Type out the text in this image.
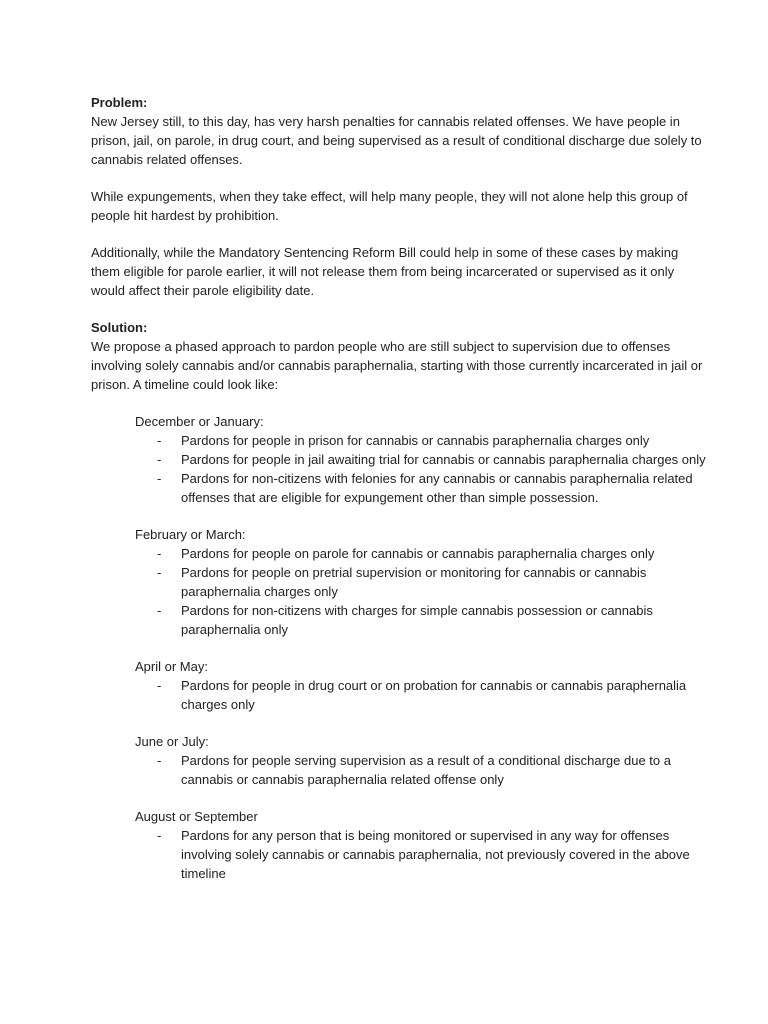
Problem:

New Jersey still, to this day, has very harsh penalties for cannabis related offenses. We have people in prison, jail, on parole, in drug court, and being supervised as a result of conditional discharge due solely to cannabis related offenses.

While expungements, when they take effect, will help many people, they will not alone help this group of people hit hardest by prohibition.

Additionally, while the Mandatory Sentencing Reform Bill could help in some of these cases by making them eligible for parole earlier, it will not release them from being incarcerated or supervised as it only would affect their parole eligibility date.

Solution:

We propose a phased approach to pardon people who are still subject to supervision due to offenses involving solely cannabis and/or cannabis paraphernalia, starting with those currently incarcerated in jail or prison. A timeline could look like:

December or January:

- Pardons for people in prison for cannabis or cannabis paraphernalia charges only
- Pardons for people in jail awaiting trial for cannabis or cannabis paraphernalia charges only
- Pardons for non-citizens with felonies for any cannabis or cannabis paraphernalia related offenses that are eligible for expungement other than simple possession.

February or March:

- Pardons for people on parole for cannabis or cannabis paraphernalia charges only
- Pardons for people on pretrial supervision or monitoring for cannabis or cannabis paraphernalia charges only
- Pardons for non-citizens with charges for simple cannabis possession or cannabis paraphernalia only

April or May:

- Pardons for people in drug court or on probation for cannabis or cannabis paraphernalia charges only

June or July:

- Pardons for people serving supervision as a result of a conditional discharge due to a cannabis or cannabis paraphernalia related offense only

August or September

- Pardons for any person that is being monitored or supervised in any way for offenses involving solely cannabis or cannabis paraphernalia, not previously covered in the above timeline
